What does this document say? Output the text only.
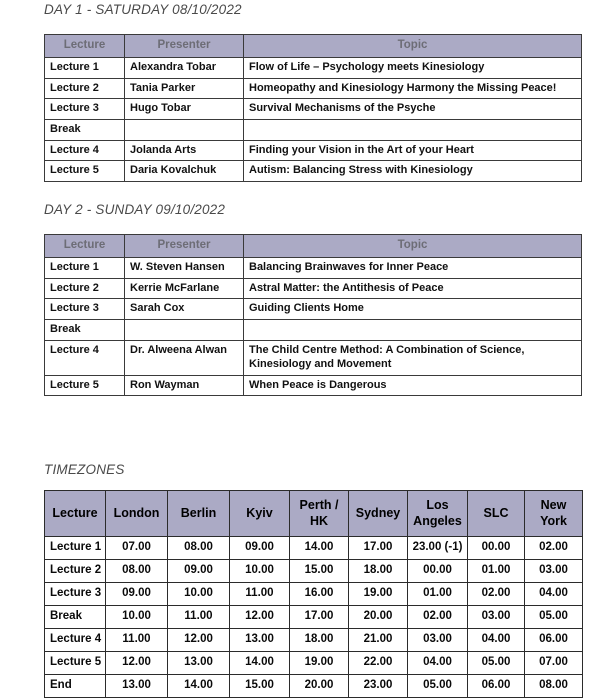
DAY 1 - SATURDAY 08/10/2022
Lecture	Presenter	Topic
Lecture 1	Alexandra Tobar	Flow of Life – Psychology meets Kinesiology
Lecture 2	Tania Parker	Homeopathy and Kinesiology Harmony the Missing Peace!
Lecture 3	Hugo Tobar	Survival Mechanisms of the Psyche
Break		
Lecture 4	Jolanda Arts	Finding your Vision in the Art of your Heart
Lecture 5	Daria Kovalchuk	Autism: Balancing Stress with Kinesiology
DAY 2 - SUNDAY 09/10/2022
Lecture	Presenter	Topic
Lecture 1	W. Steven Hansen	Balancing Brainwaves for Inner Peace
Lecture 2	Kerrie McFarlane	Astral Matter: the Antithesis of Peace
Lecture 3	Sarah Cox	Guiding Clients Home
Break		
Lecture 4	Dr. Alweena Alwan	The Child Centre Method: A Combination of Science, Kinesiology and Movement
Lecture 5	Ron Wayman	When Peace is Dangerous
TIMEZONES
Lecture	London	Berlin	Kyiv	Perth / HK	Sydney	Los Angeles	SLC	New York
Lecture 1	07.00	08.00	09.00	14.00	17.00	23.00 (-1)	00.00	02.00
Lecture 2	08.00	09.00	10.00	15.00	18.00	00.00	01.00	03.00
Lecture 3	09.00	10.00	11.00	16.00	19.00	01.00	02.00	04.00
Break	10.00	11.00	12.00	17.00	20.00	02.00	03.00	05.00
Lecture 4	11.00	12.00	13.00	18.00	21.00	03.00	04.00	06.00
Lecture 5	12.00	13.00	14.00	19.00	22.00	04.00	05.00	07.00
End	13.00	14.00	15.00	20.00	23.00	05.00	06.00	08.00
